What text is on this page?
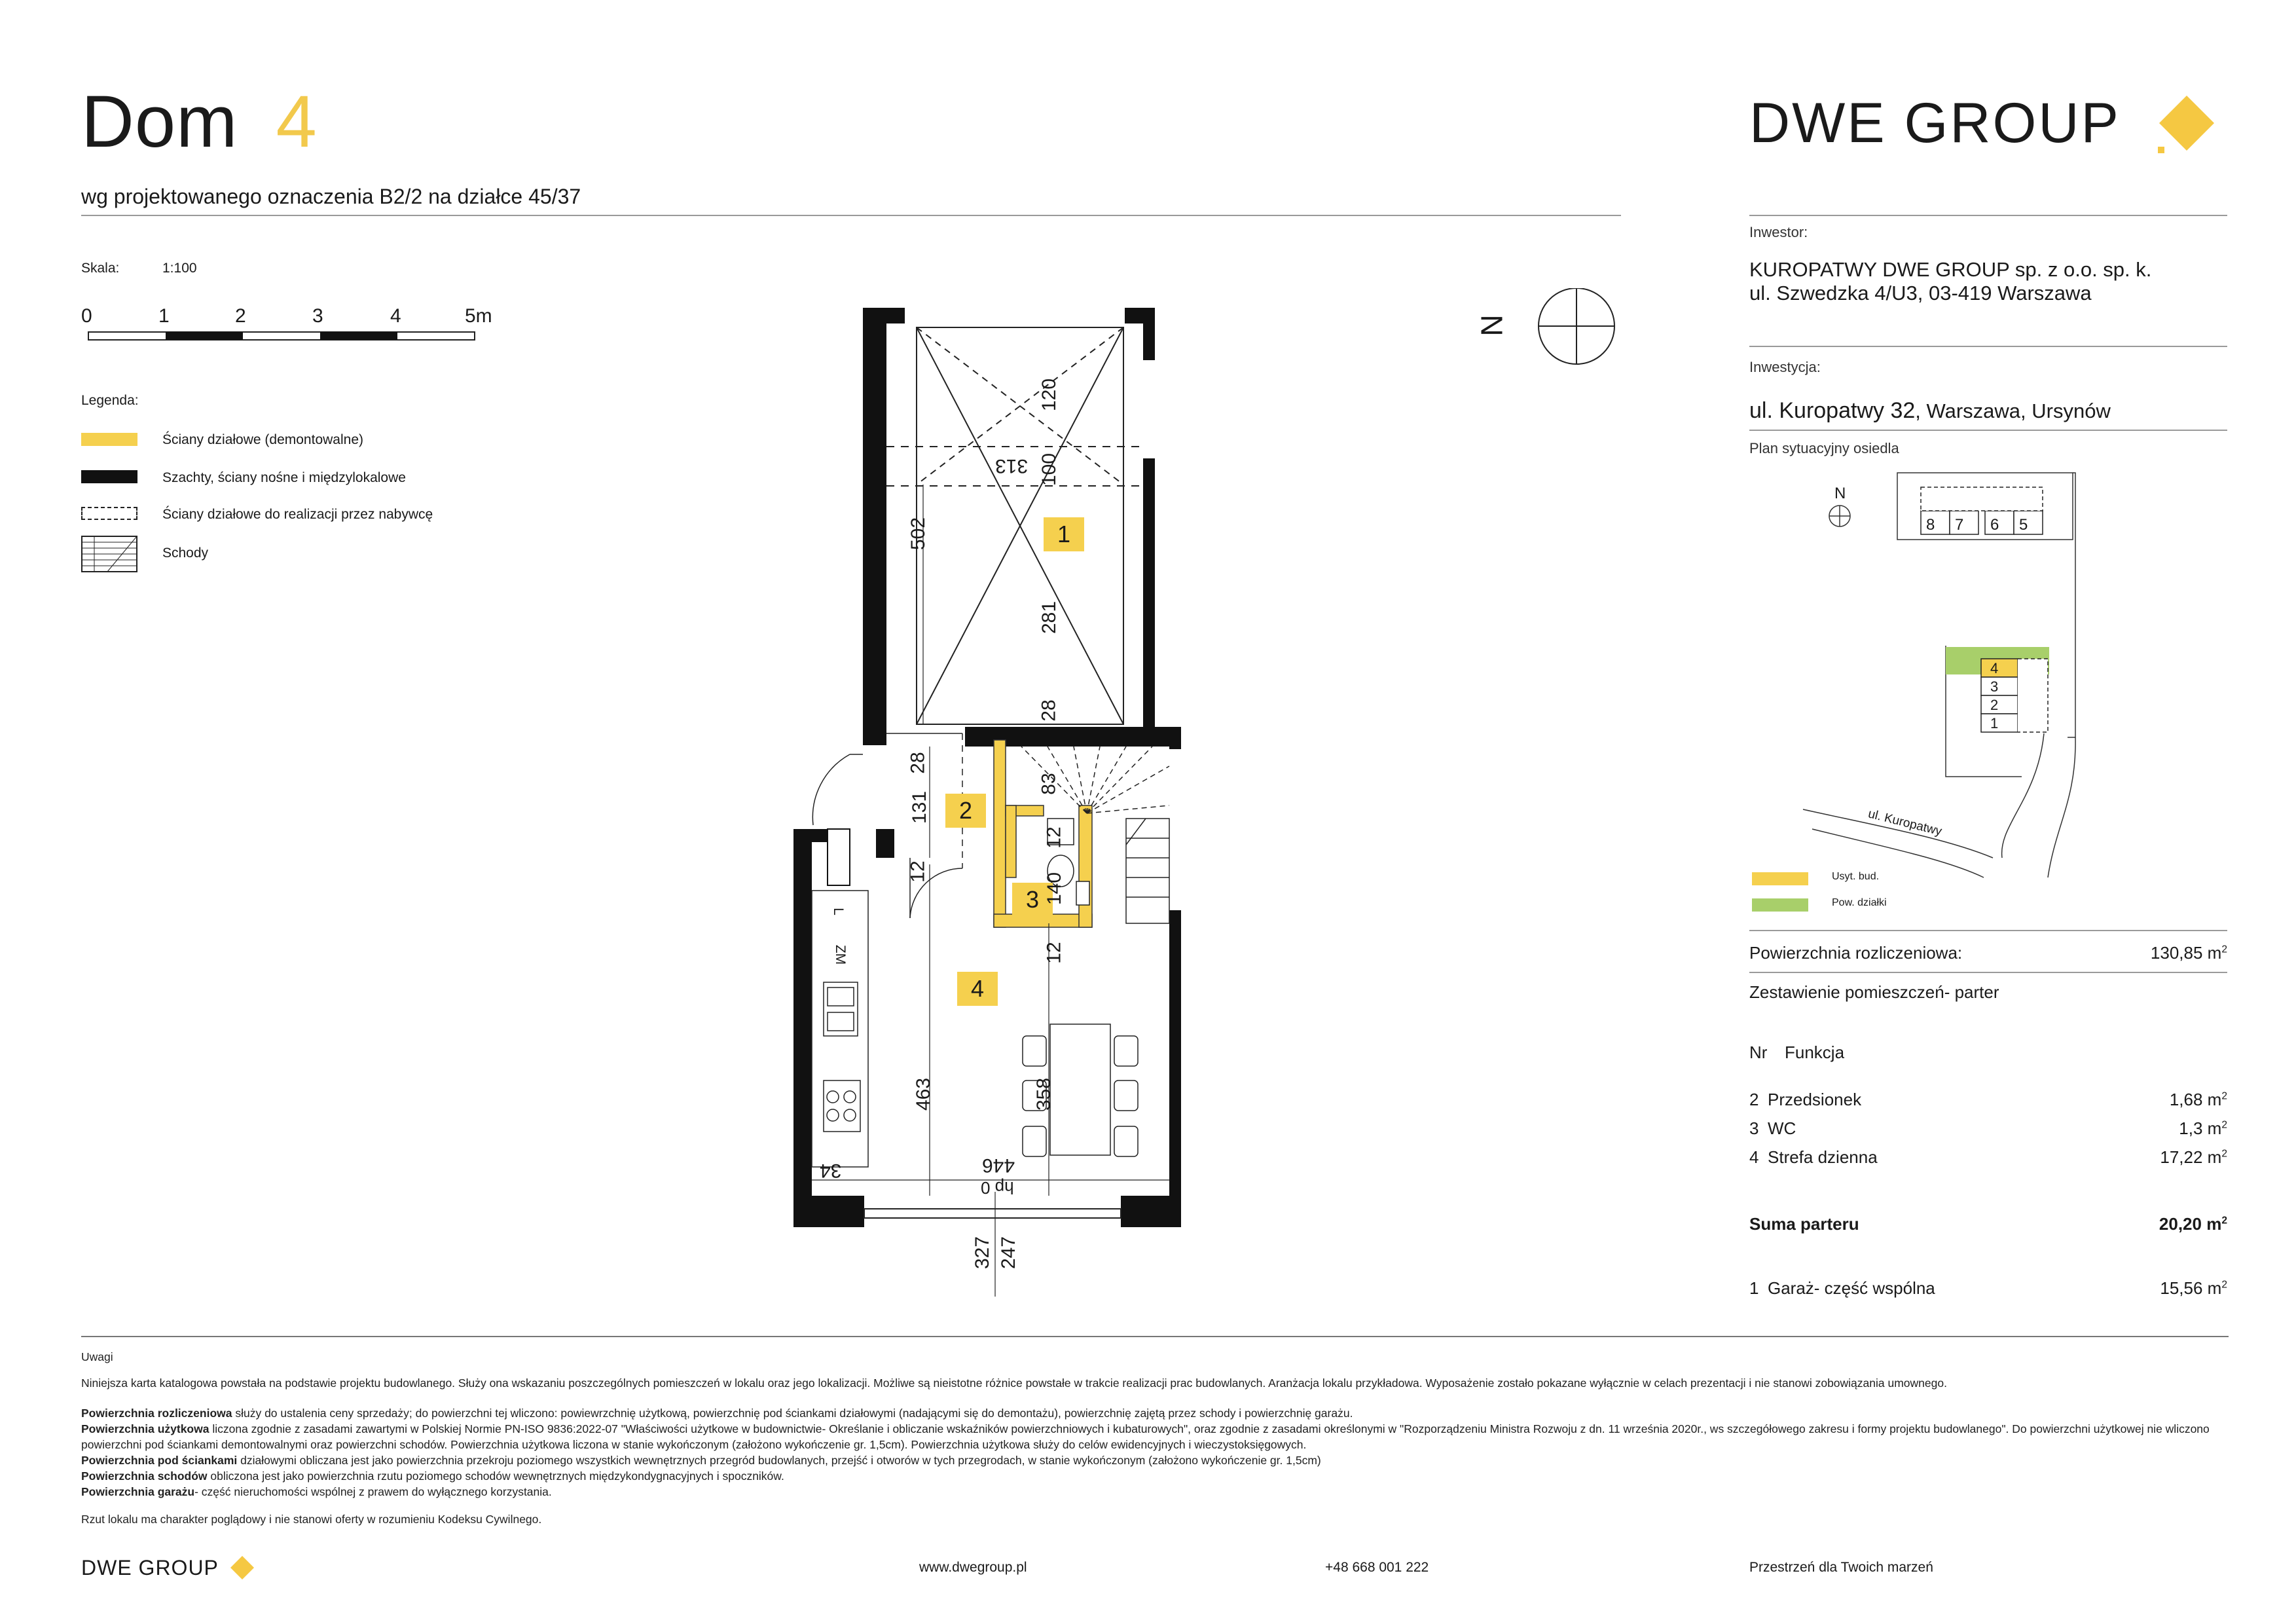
Dom 4
wg projektowanego oznaczenia B2/2 na działce 45/37
DWE GROUP
Skala:	1:100
0	1	2	3	4	5m
Legenda:
Ściany działowe (demontowalne)
Szachty, ściany nośne i międzylokalowe
Ściany działowe do realizacji przez nabywcę
Schody
N
1
2
3
4
120
100
313
502
281
28
28
131
83
12
12
12
140
463	358
34	446
327 247
hp 0
L
ZM
Inwestor:
KUROPATWY DWE GROUP sp. z o.o. sp. k.
ul. Szwedzka 4/U3, 03-419 Warszawa
Inwestycja:
ul. Kuropatwy 32, Warszawa, Ursynów
Plan sytuacyjny osiedla
N
8 7 6 5
4
3
2
1
ul. Kuropatwy
Usyt. bud.
Pow. działki
Powierzchnia rozliczeniowa:	130,85 $m^2$
Zestawienie pomieszczeń- parter
Nr Funkcja
2 Przedsionek	1,68 $m^2$
3 WC	1,3 $m^2$
4 Strefa dzienna	17,22 $m^2$
Suma parteru	20,20 $m^2$
1 Garaż- część wspólna	15,56 $m^2$
Uwagi
Niniejsza karta katalogowa powstała na podstawie projektu budowlanego. Służy ona wskazaniu poszczególnych pomieszczeń w lokalu oraz jego lokalizacji. Możliwe są nieistotne różnice powstałe w trakcie realizacji prac budowlanych. Aranżacja lokalu przykładowa. Wyposażenie zostało pokazane wyłącznie w celach prezentacji i nie stanowi zobowiązania umownego.
Powierzchnia rozliczeniowa służy do ustalenia ceny sprzedaży; do powierzchni tej wliczono: powiewrzchnię użytkową, powierzchnię pod ściankami działowymi (nadającymi się do demontażu), powierzchnię zajętą przez schody i powierzchnię garażu.
Powierzchnia użytkowa liczona zgodnie z zasadami zawartymi w Polskiej Normie PN-ISO 9836:2022-07 "Właściwości użytkowe w budownictwie- Określanie i obliczanie wskaźników powierzchniowych i kubaturowych", oraz zgodnie z zasadami określonymi w "Rozporządzeniu Ministra Rozwoju z dn. 11 września 2020r., ws szczegółowego zakresu i formy projektu budowlanego". Do powierzchni użytkowej nie wliczono powierzchni pod ściankami demontowalnymi oraz powierzchni schodów. Powierzchnia użytkowa liczona w stanie wykończonym (założono wykończenie gr. 1,5cm). Powierzchnia użytkowa służy do celów ewidencyjnych i wieczystoksięgowych.
Powierzchnia pod ściankami działowymi obliczana jest jako powierzchnia przekroju poziomego wszystkich wewnętrznych przegród budowlanych, przejść i otworów w tych przegrodach, w stanie wykończonym (założono wykończenie gr. 1,5cm)
Powierzchnia schodów obliczona jest jako powierzchnia rzutu poziomego schodów wewnętrznych międzykondygnacyjnych i spoczników.
Powierzchnia garażu- część nieruchomości wspólnej z prawem do wyłącznego korzystania.
Rzut lokalu ma charakter poglądowy i nie stanowi oferty w rozumieniu Kodeksu Cywilnego.
DWE GROUP	www.dwegroup.pl	+48 668 001 222	Przestrzeń dla Twoich marzeń
